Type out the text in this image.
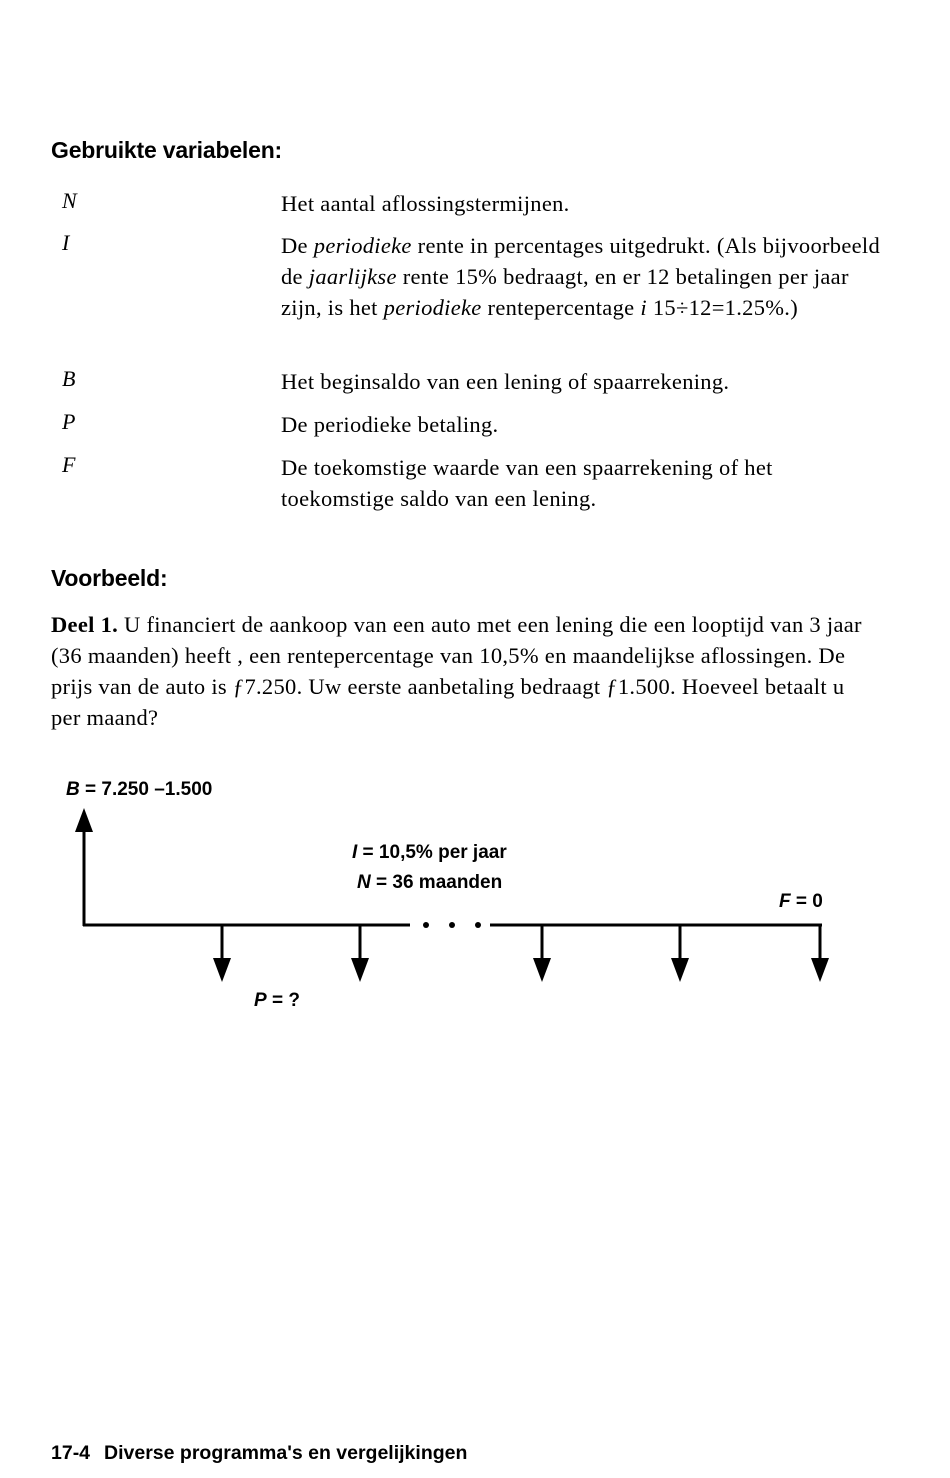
Gebruikte variabelen:
N	Het aantal aflossingstermijnen.
I	De periodieke rente in percentages uitgedrukt. (Als bijvoorbeeld de jaarlijkse rente 15% bedraagt, en er 12 betalingen per jaar zijn, is het periodieke rentepercentage i 15÷12=1.25%.)
B	Het beginsaldo van een lening of spaarrekening.
P	De periodieke betaling.
F	De toekomstige waarde van een spaarrekening of het toekomstige saldo van een lening.
Voorbeeld:
Deel 1. U financiert de aankoop van een auto met een lening die een looptijd van 3 jaar (36 maanden) heeft , een rentepercentage van 10,5% en maandelijkse aflossingen. De prijs van de auto is ƒ7.250. Uw eerste aanbetaling bedraagt ƒ1.500. Hoeveel betaalt u per maand?
B = 7.250 –1.500
I = 10,5% per jaar
N = 36 maanden
F = 0
P = ?
17-4 Diverse programma's en vergelijkingen
